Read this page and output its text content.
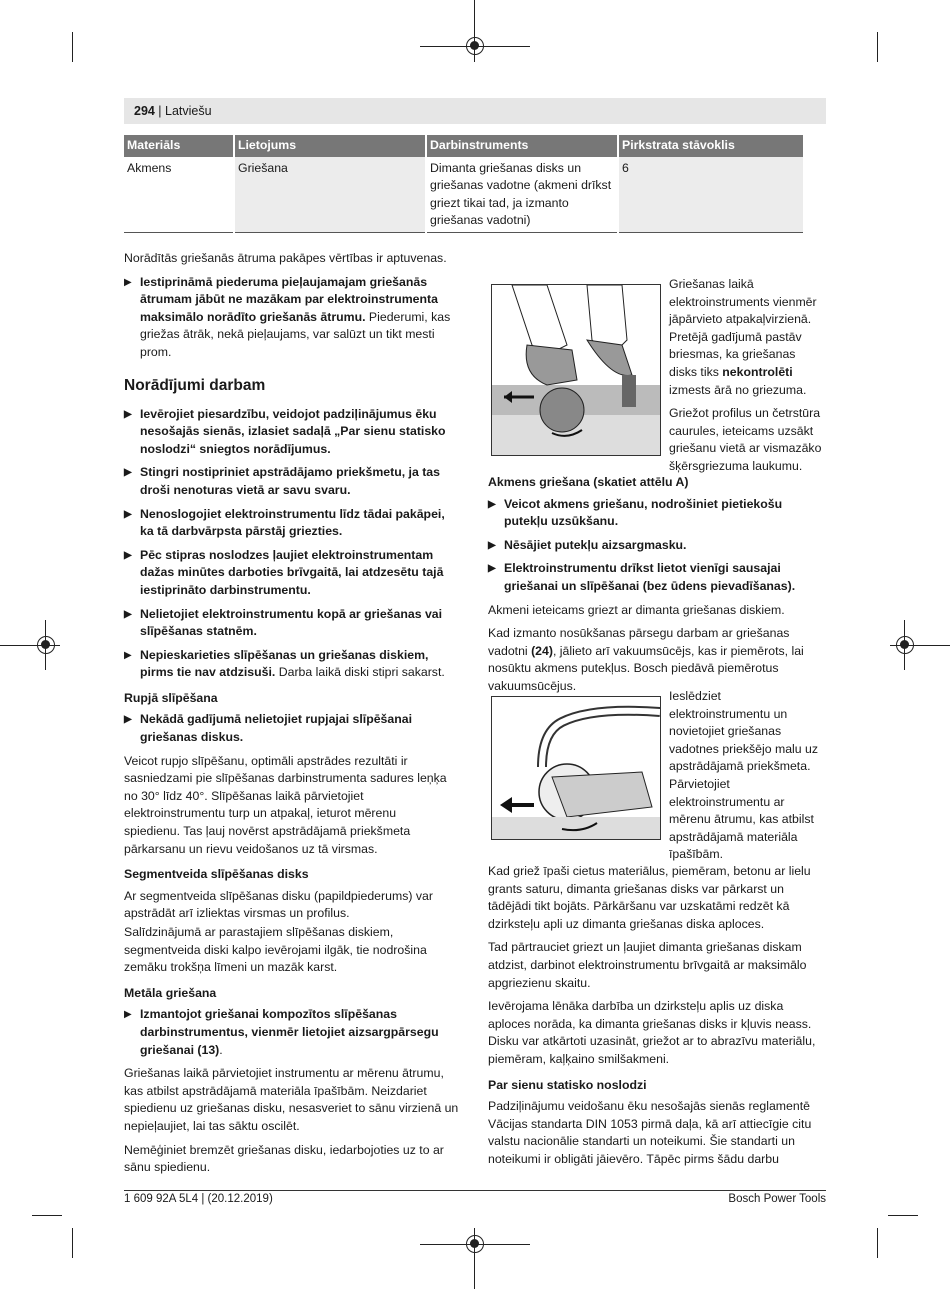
294 | Latviešu
Materiāls	Lietojums	Darbinstruments	Pirkstrata stāvoklis
Akmens	Griešana	Dimanta griešanas disks un
griešanas vadotne (akmeni drīkst
griezt tikai tad, ja izmanto
griešanas vadotni)	6

Norādītās griešanās ātruma pakāpes vērtības ir aptuvenas.

▶ Iestiprināmā piederuma pieļaujamajam griešanās
ātrumam jābūt ne mazākam par elektroinstrumenta
maksimālo norādīto griešanās ātrumu. Piederumi, kas
griežas ātrāk, nekā pieļaujams, var salūzt un tikt mesti
prom.
Norādījumi darbam
▶ Ievērojiet piesardzību, veidojot padziļinājumus ēku
nesošajās sienās, izlasiet sadaļā „Par sienu statisko
noslodzi“ sniegtos norādījumus.
▶ Stingri nostipriniet apstrādājamo priekšmetu, ja tas
droši nenoturas vietā ar savu svaru.
▶ Nenoslogojiet elektroinstrumentu līdz tādai pakāpei,
ka tā darbvārpsta pārstāj griezties.
▶ Pēc stipras noslodzes ļaujiet elektroinstrumentam
dažas minūtes darboties brīvgaitā, lai atdzesētu tajā
iestiprināto darbinstrumentu.
▶ Nelietojiet elektroinstrumentu kopā ar griešanas vai
slīpēšanas statnēm.
▶ Nepieskarieties slīpēšanas un griešanas diskiem,
pirms tie nav atdzisuši. Darba laikā diski stipri sakarst.
Rupjā slīpēšana
▶ Nekādā gadījumā nelietojiet rupjajai slīpēšanai
griešanas diskus.

Veicot rupjo slīpēšanu, optimāli apstrādes rezultāti ir
sasniedzami pie slīpēšanas darbinstrumenta sadures leņķa
no 30° līdz 40°. Slīpēšanas laikā pārvietojiet
elektroinstrumentu turp un atpakaļ, ieturot mērenu
spiedienu. Tas ļauj novērst apstrādājamā priekšmeta
pārkarsanu un rievu veidošanos uz tā virsmas.

Segmentveida slīpēšanas disks

Ar segmentveida slīpēšanas disku (papildpiederums) var
apstrādāt arī izliektas virsmas un profilus.

Salīdzinājumā ar parastajiem slīpēšanas diskiem,
segmentveida diski kalpo ievērojami ilgāk, tie nodrošina
zemāku trokšņa līmeni un mazāk karst.

Metāla griešana
▶ Izmantojot griešanai kompozītos slīpēšanas
darbinstrumentus, vienmēr lietojiet aizsargpārsegu
griešanai (13).

Griešanas laikā pārvietojiet instrumentu ar mērenu ātrumu,
kas atbilst apstrādājamā materiāla īpašībām. Neizdariet
spiedienu uz griešanas disku, nesasveriet to sānu virzienā un
nepieļaujiet, lai tas sāktu oscilēt.

Nemēģiniet bremzēt griešanas disku, iedarbojoties uz to ar
sānu spiedienu.

Griešanas laikā
elektroinstruments vienmēr
jāpārvieto atpakaļvirzienā.
Pretējā gadījumā pastāv
briesmas, ka griešanas
disks tiks nekontrolēti
izmests ārā no griezuma.

Griežot profilus un četrstūra
caurules, ieteicams uzsākt
griešanu vietā ar vismazāko
šķērsgriezuma laukumu.

Akmens griešana (skatiet attēlu A)
▶ Veicot akmens griešanu, nodrošiniet pietiekošu
putekļu uzsūkšanu.
▶ Nēsājiet putekļu aizsargmasku.
▶ Elektroinstrumentu drīkst lietot vienīgi sausajai
griešanai un slīpēšanai (bez ūdens pievadīšanas).

Akmeni ieteicams griezt ar dimanta griešanas diskiem.

Kad izmanto nosūkšanas pārsegu darbam ar griešanas
vadotni (24), jālieto arī vakuumsūcējs, kas ir piemērots, lai
nosūktu akmens putekļus. Bosch piedāvā piemērotus
vakuumsūcējus.

Ieslēdziet
elektroinstrumentu un
novietojiet griešanas
vadotnes priekšējo malu uz
apstrādājamā priekšmeta.
Pārvietojiet
elektroinstrumentu ar
mērenu ātrumu, kas atbilst
apstrādājamā materiāla
īpašībām.

Kad griež īpaši cietus materiālus, piemēram, betonu ar lielu
grants saturu, dimanta griešanas disks var pārkarst un
tādējādi tikt bojāts. Pārkāršanu var uzskatāmi redzēt kā
dzirksteļu apli uz dimanta griešanas diska aploces.

Tad pārtrauciet griezt un ļaujiet dimanta griešanas diskam
atdzist, darbinot elektroinstrumentu brīvgaitā ar maksimālo
apgriezienu skaitu.

Ievērojama lēnāka darbība un dzirksteļu aplis uz diska
aploces norāda, ka dimanta griešanas disks ir kļuvis neass.
Disku var atkārtoti uzasināt, griežot ar to abrazīvu materiālu,
piemēram, kaļķaino smilšakmeni.

Par sienu statisko noslodzi

Padziļinājumu veidošanu ēku nesošajās sienās reglamentē
Vācijas standarta DIN 1053 pirmā daļa, kā arī attiecīgie citu
valstu nacionālie standarti un noteikumi. Šie standarti un
noteikumi ir obligāti jāievēro. Tāpēc pirms šādu darbu

1 609 92A 5L4 | (20.12.2019)	Bosch Power Tools
